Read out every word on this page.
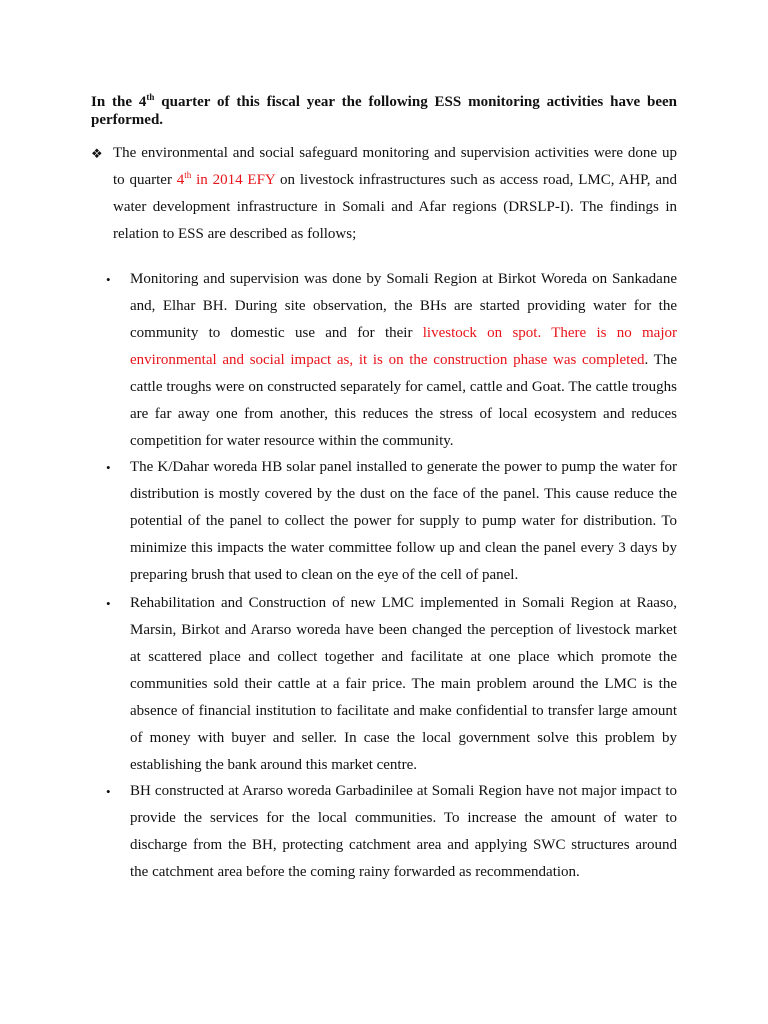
In the 4th quarter of this fiscal year the following ESS monitoring activities have been
performed.
❖ The environmental and social safeguard monitoring and supervision activities were done up
to quarter 4th in 2014 EFY on livestock infrastructures such as access road, LMC, AHP, and
water development infrastructure in Somali and Afar regions (DRSLP-I). The findings in
relation to ESS are described as follows;
• Monitoring and supervision was done by Somali Region at Birkot Woreda on Sankadane
and, Elhar BH. During site observation, the BHs are started providing water for the
community to domestic use and for their livestock on spot. There is no major
environmental and social impact as, it is on the construction phase was completed. The
cattle troughs were on constructed separately for camel, cattle and Goat. The cattle troughs
are far away one from another, this reduces the stress of local ecosystem and reduces
competition for water resource within the community.
• The K/Dahar woreda HB solar panel installed to generate the power to pump the water for
distribution is mostly covered by the dust on the face of the panel. This cause reduce the
potential of the panel to collect the power for supply to pump water for distribution. To
minimize this impacts the water committee follow up and clean the panel every 3 days by
preparing brush that used to clean on the eye of the cell of panel.
• Rehabilitation and Construction of new LMC implemented in Somali Region at Raaso,
Marsin, Birkot and Ararso woreda have been changed the perception of livestock market
at scattered place and collect together and facilitate at one place which promote the
communities sold their cattle at a fair price. The main problem around the LMC is the
absence of financial institution to facilitate and make confidential to transfer large amount
of money with buyer and seller. In case the local government solve this problem by
establishing the bank around this market centre.
• BH constructed at Ararso woreda Garbadinilee at Somali Region have not major impact to
provide the services for the local communities. To increase the amount of water to
discharge from the BH, protecting catchment area and applying SWC structures around
the catchment area before the coming rainy forwarded as recommendation.
